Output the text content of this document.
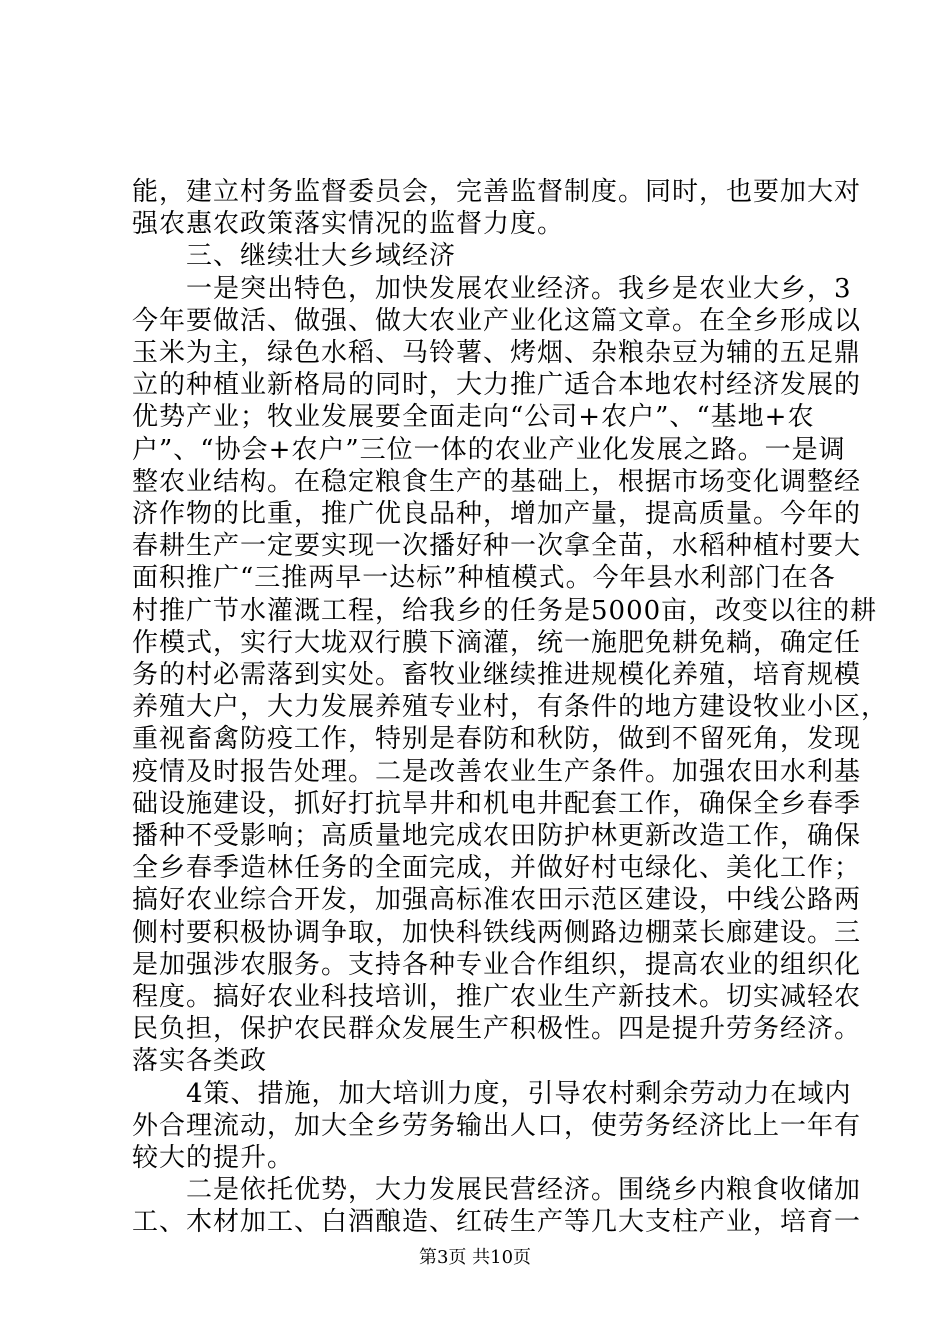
能，建立村务监督委员会，完善监督制度。同时，也要加大对
强农惠农政策落实情况的监督力度。
　　三、继续壮大乡域经济
　　一是突出特色，加快发展农业经济。我乡是农业大乡，3
今年要做活、做强、做大农业产业化这篇文章。在全乡形成以
玉米为主，绿色水稻、马铃薯、烤烟、杂粮杂豆为辅的五足鼎
立的种植业新格局的同时，大力推广适合本地农村经济发展的
优势产业；牧业发展要全面走向“公司+农户”、“基地+农
户”、“协会+农户”三位一体的农业产业化发展之路。一是调
整农业结构。在稳定粮食生产的基础上，根据市场变化调整经
济作物的比重，推广优良品种，增加产量，提高质量。今年的
春耕生产一定要实现一次播好种一次拿全苗，水稻种植村要大
面积推广“三推两早一达标”种植模式。今年县水利部门在各
村推广节水灌溉工程，给我乡的任务是5000亩，改变以往的耕
作模式，实行大垅双行膜下滴灌，统一施肥免耕免耥，确定任
务的村必需落到实处。畜牧业继续推进规模化养殖，培育规模
养殖大户，大力发展养殖专业村，有条件的地方建设牧业小区，
重视畜禽防疫工作，特别是春防和秋防，做到不留死角，发现
疫情及时报告处理。二是改善农业生产条件。加强农田水利基
础设施建设，抓好打抗旱井和机电井配套工作，确保全乡春季
播种不受影响；高质量地完成农田防护林更新改造工作，确保
全乡春季造林任务的全面完成，并做好村屯绿化、美化工作；
搞好农业综合开发，加强高标准农田示范区建设，中线公路两
侧村要积极协调争取，加快科铁线两侧路边棚菜长廊建设。三
是加强涉农服务。支持各种专业合作组织，提高农业的组织化
程度。搞好农业科技培训，推广农业生产新技术。切实减轻农
民负担，保护农民群众发展生产积极性。四是提升劳务经济。
落实各类政
　　4策、措施，加大培训力度，引导农村剩余劳动力在域内
外合理流动，加大全乡劳务输出人口，使劳务经济比上一年有
较大的提升。
　　二是依托优势，大力发展民营经济。围绕乡内粮食收储加
工、木材加工、白酒酿造、红砖生产等几大支柱产业，培育一
第3页 共10页
